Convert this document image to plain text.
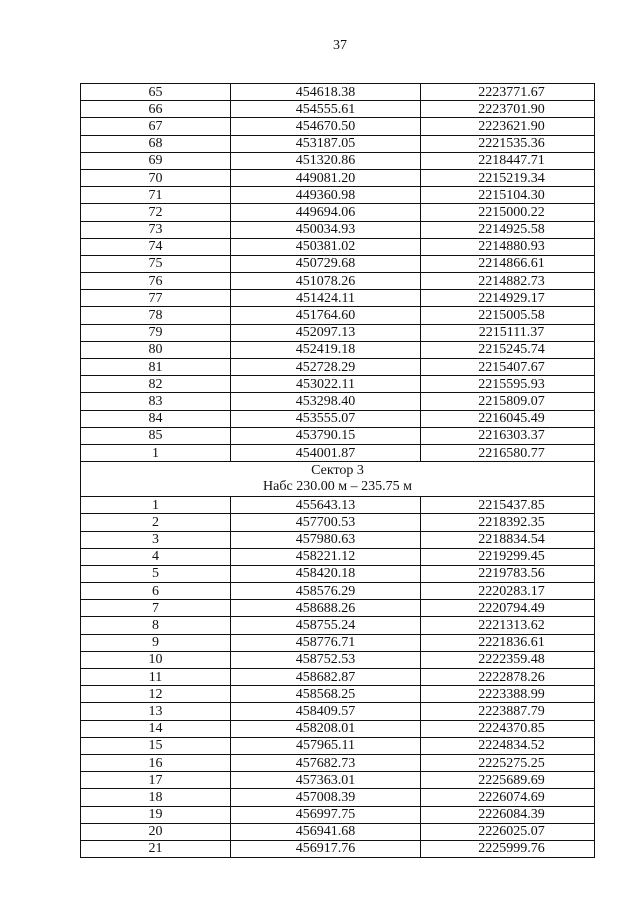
37
65	454618.38	2223771.67
66	454555.61	2223701.90
67	454670.50	2223621.90
68	453187.05	2221535.36
69	451320.86	2218447.71
70	449081.20	2215219.34
71	449360.98	2215104.30
72	449694.06	2215000.22
73	450034.93	2214925.58
74	450381.02	2214880.93
75	450729.68	2214866.61
76	451078.26	2214882.73
77	451424.11	2214929.17
78	451764.60	2215005.58
79	452097.13	2215111.37
80	452419.18	2215245.74
81	452728.29	2215407.67
82	453022.11	2215595.93
83	453298.40	2215809.07
84	453555.07	2216045.49
85	453790.15	2216303.37
1	454001.87	2216580.77

Сектор 3
Набс 230.00 м – 235.75 м		

1	455643.13	2215437.85
2	457700.53	2218392.35
3	457980.63	2218834.54
4	458221.12	2219299.45
5	458420.18	2219783.56
6	458576.29	2220283.17
7	458688.26	2220794.49
8	458755.24	2221313.62
9	458776.71	2221836.61
10	458752.53	2222359.48
11	458682.87	2222878.26
12	458568.25	2223388.99
13	458409.57	2223887.79
14	458208.01	2224370.85
15	457965.11	2224834.52
16	457682.73	2225275.25
17	457363.01	2225689.69
18	457008.39	2226074.69
19	456997.75	2226084.39
20	456941.68	2226025.07
21	456917.76	2225999.76
